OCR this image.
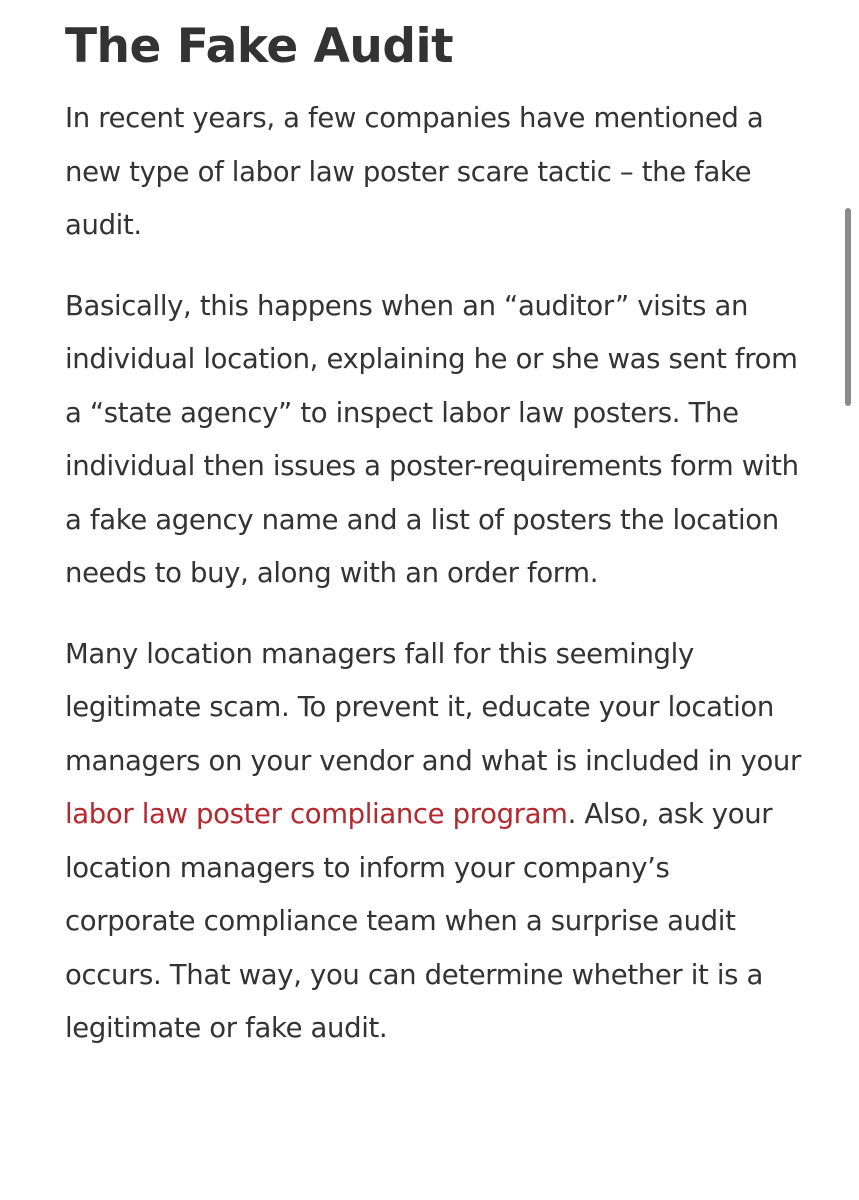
The Fake Audit

In recent years, a few companies have mentioned a new type of labor law poster scare tactic – the fake audit.

Basically, this happens when an “auditor” visits an individual location, explaining he or she was sent from a “state agency” to inspect labor law posters. The individual then issues a poster-requirements form with a fake agency name and a list of posters the location needs to buy, along with an order form.

Many location managers fall for this seemingly legitimate scam. To prevent it, educate your location managers on your vendor and what is included in your labor law poster compliance program. Also, ask your location managers to inform your company’s corporate compliance team when a surprise audit occurs. That way, you can determine whether it is a legitimate or fake audit.
